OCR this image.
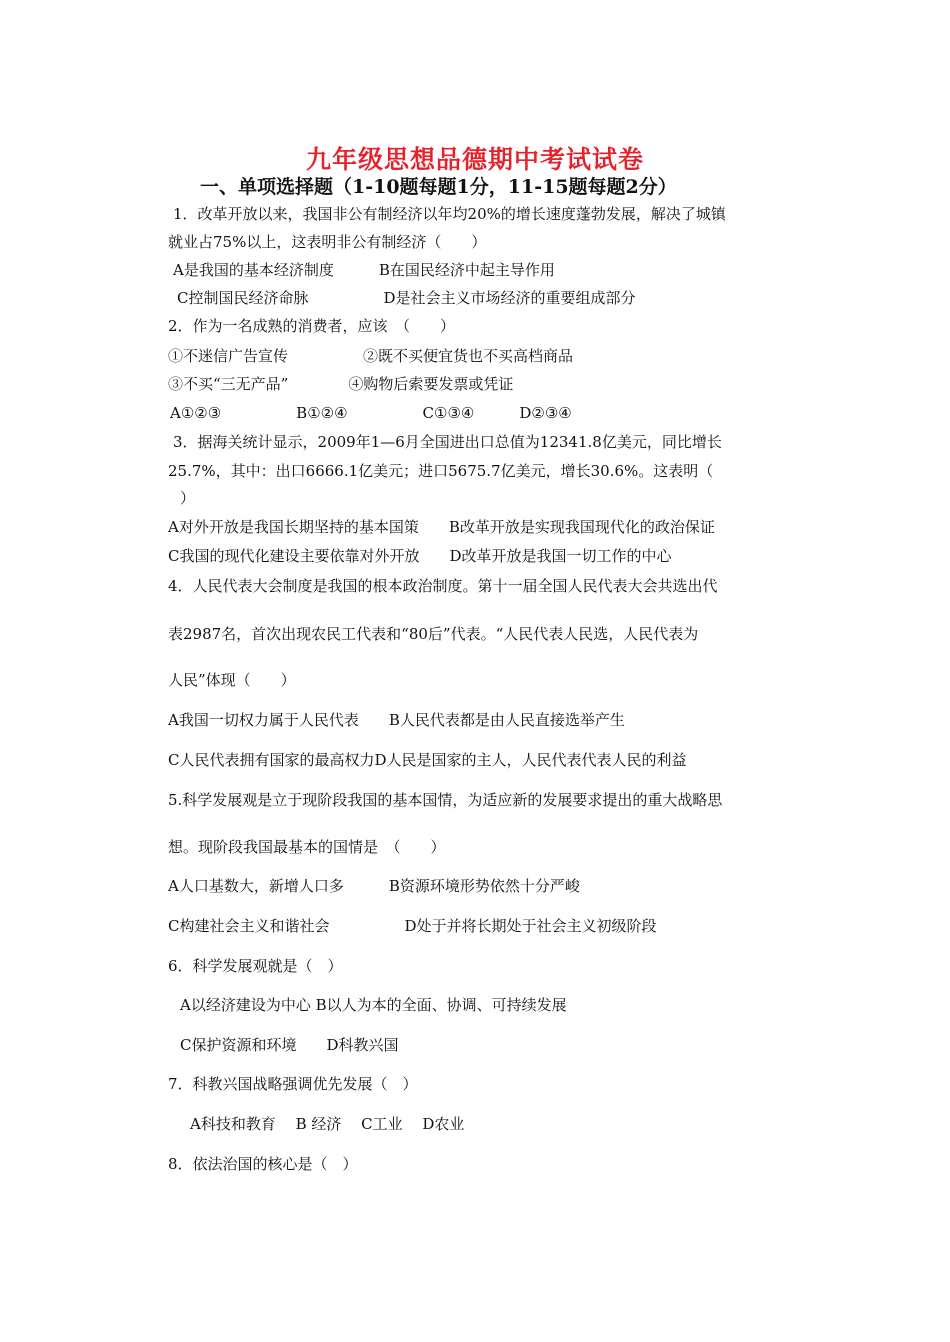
九年级思想品德期中考试试卷
一、单项选择题（1-10题每题1分，11-15题每题2分）
1．改革开放以来，我国非公有制经济以年均20%的增长速度蓬勃发展，解决了城镇
就业占75%以上，这表明非公有制经济（　　）
A是我国的基本经济制度　　　B在国民经济中起主导作用
C控制国民经济命脉　　　　　D是社会主义市场经济的重要组成部分
2．作为一名成熟的消费者，应该　（　　）
①不迷信广告宣传　　　　　②既不买便宜货也不买高档商品
③不买“三无产品”　　　　④购物后索要发票或凭证
A①②③　　　　　B①②④　　　　　C①③④　　　D②③④
3．据海关统计显示，2009年1—6月全国进出口总值为12341.8亿美元，同比增长
25.7%，其中：出口6666.1亿美元；进口5675.7亿美元，增长30.6%。这表明（
）
A对外开放是我国长期坚持的基本国策　　B改革开放是实现我国现代化的政治保证
C我国的现代化建设主要依靠对外开放　　D改革开放是我国一切工作的中心
4．人民代表大会制度是我国的根本政治制度。第十一届全国人民代表大会共选出代
表2987名，首次出现农民工代表和“80后”代表。“人民代表人民选，人民代表为
人民”体现（　　）
A我国一切权力属于人民代表　　B人民代表都是由人民直接选举产生
C人民代表拥有国家的最高权力D人民是国家的主人，人民代表代表人民的利益
5.科学发展观是立于现阶段我国的基本国情，为适应新的发展要求提出的重大战略思
想。现阶段我国最基本的国情是　（　　）
A人口基数大，新增人口多　　　B资源环境形势依然十分严峻
C构建社会主义和谐社会　　　　　D处于并将长期处于社会主义初级阶段
6．科学发展观就是（　）
A以经济建设为中心 B以人为本的全面、协调、可持续发展
C保护资源和环境　　D科教兴国
7．科教兴国战略强调优先发展（　）
A科技和教育　 B 经济　 C工业　 D农业
8．依法治国的核心是（　）
